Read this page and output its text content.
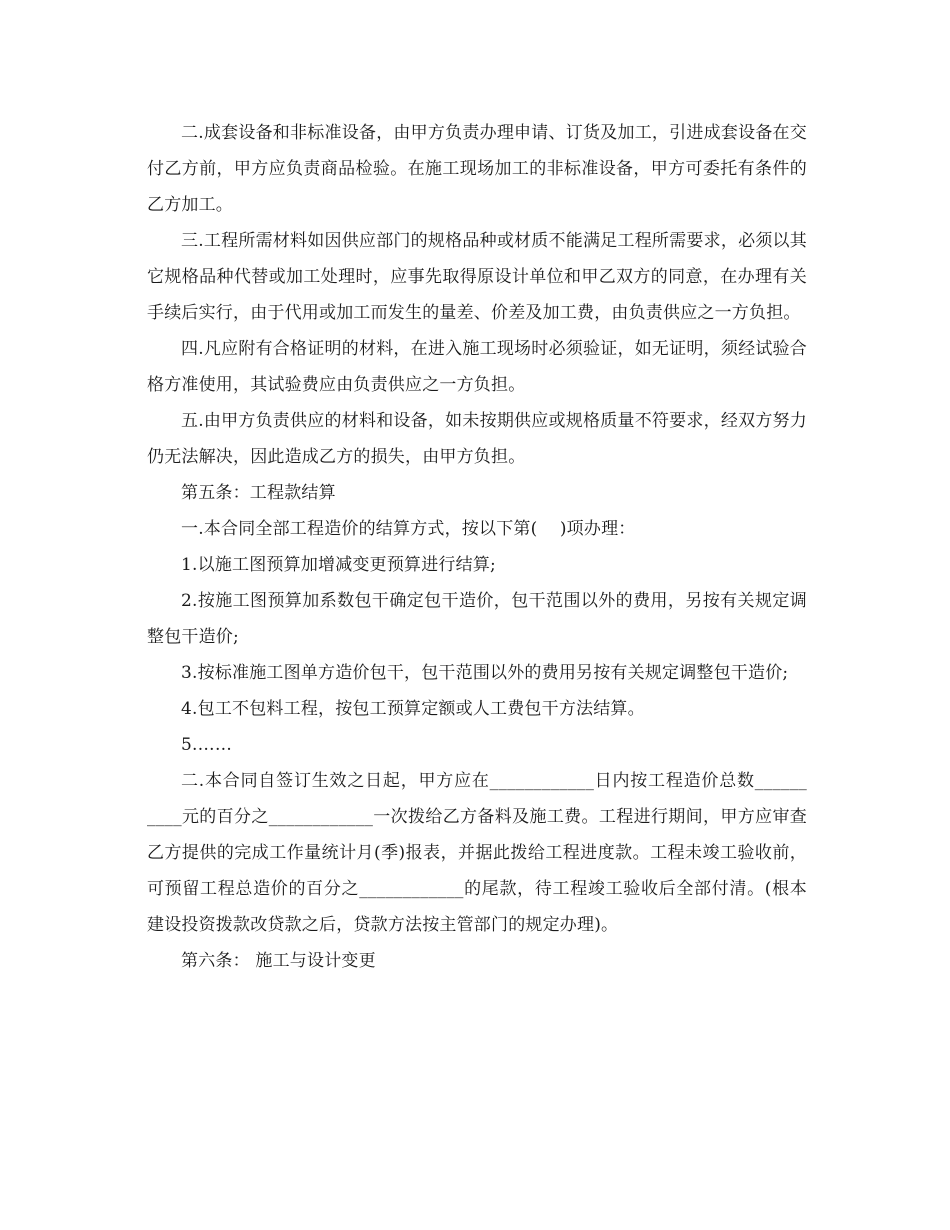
二.成套设备和非标准设备，由甲方负责办理申请、订货及加工，引进成套设备在交付乙方前，甲方应负责商品检验。在施工现场加工的非标准设备，甲方可委托有条件的乙方加工。

三.工程所需材料如因供应部门的规格品种或材质不能满足工程所需要求，必须以其它规格品种代替或加工处理时，应事先取得原设计单位和甲乙双方的同意，在办理有关手续后实行，由于代用或加工而发生的量差、价差及加工费，由负责供应之一方负担。

四.凡应附有合格证明的材料，在进入施工现场时必须验证，如无证明，须经试验合格方准使用，其试验费应由负责供应之一方负担。

五.由甲方负责供应的材料和设备，如未按期供应或规格质量不符要求，经双方努力仍无法解决，因此造成乙方的损失，由甲方负担。

第五条：工程款结算

一.本合同全部工程造价的结算方式，按以下第(    )项办理：

1.以施工图预算加增减变更预算进行结算;

2.按施工图预算加系数包干确定包干造价，包干范围以外的费用，另按有关规定调整包干造价;

3.按标准施工图单方造价包干，包干范围以外的费用另按有关规定调整包干造价;

4.包工不包料工程，按包工预算定额或人工费包干方法结算。

5.……

二.本合同自签订生效之日起，甲方应在____________日内按工程造价总数______  ____元的百分之____________一次拨给乙方备料及施工费。工程进行期间，甲方应审查乙方提供的完成工作量统计月(季)报表，并据此拨给工程进度款。工程未竣工验收前，可预留工程总造价的百分之____________的尾款，待工程竣工验收后全部付清。(根本建设投资拨款改贷款之后，贷款方法按主管部门的规定办理)。

第六条： 施工与设计变更
